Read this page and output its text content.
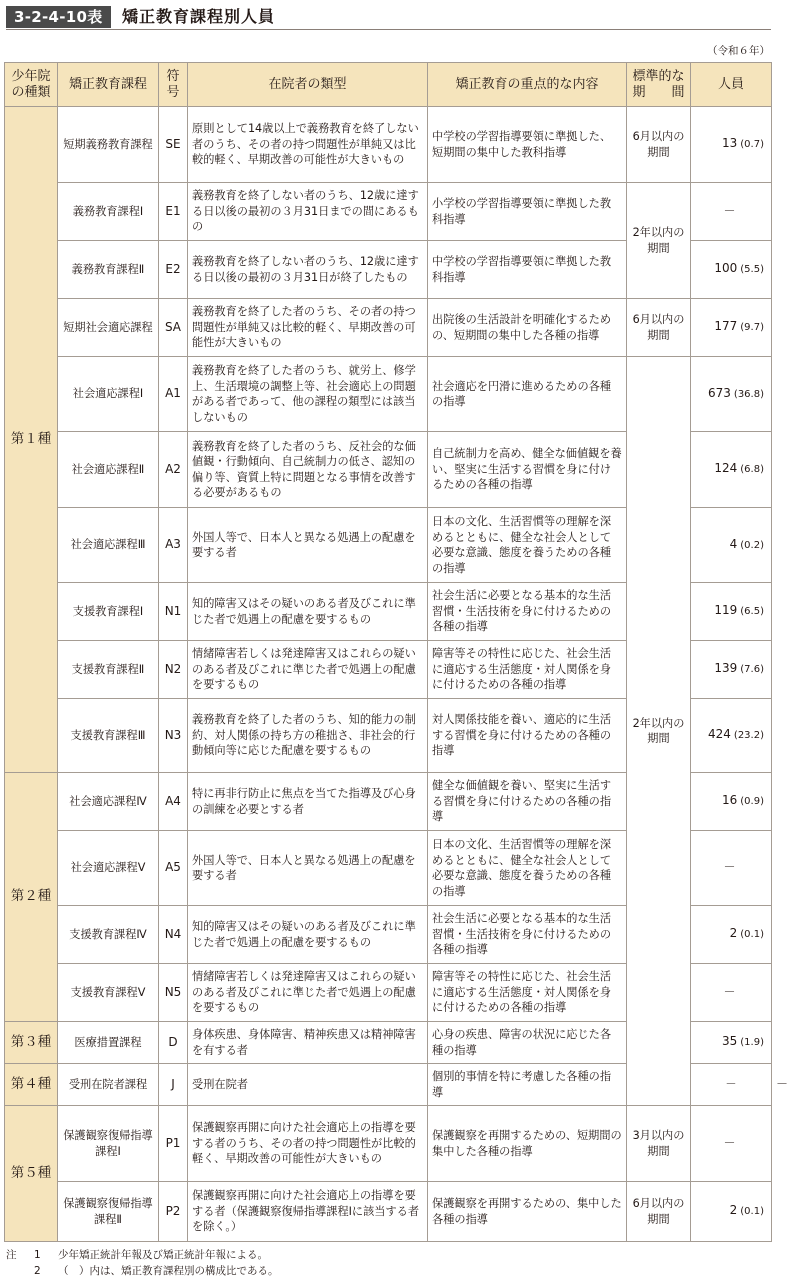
3-2-4-10表	矯正教育課程別人員
（令和６年）
少年院の種類	矯正教育課程	符号	在院者の類型	矯正教育の重点的な内容	標準的な期　　間	人員	
第１種	短期義務教育課程	SE	原則として14歳以上で義務教育を終了しない者のうち、その者の持つ問題性が単純又は比較的軽く、早期改善の可能性が大きいもの	中学校の学習指導要領に準拠した、短期間の集中した教科指導	6月以内の期間	13 (0.7)	
	義務教育課程Ⅰ	E1	義務教育を終了しない者のうち、12歳に達する日以後の最初の３月31日までの間にあるもの	小学校の学習指導要領に準拠した教科指導	2年以内の期間	－	
	義務教育課程Ⅱ	E2	義務教育を終了しない者のうち、12歳に達する日以後の最初の３月31日が終了したもの	中学校の学習指導要領に準拠した教科指導		100 (5.5)	
	短期社会適応課程	SA	義務教育を終了した者のうち、その者の持つ問題性が単純又は比較的軽く、早期改善の可能性が大きいもの	出院後の生活設計を明確化するための、短期間の集中した各種の指導	6月以内の期間	177 (9.7)	
	社会適応課程Ⅰ	A1	義務教育を終了した者のうち、就労上、修学上、生活環境の調整上等、社会適応上の問題がある者であって、他の課程の類型には該当しないもの	社会適応を円滑に進めるための各種の指導	2年以内の期間	673 (36.8)	
	社会適応課程Ⅱ	A2	義務教育を終了した者のうち、反社会的な価値観・行動傾向、自己統制力の低さ、認知の偏り等、資質上特に問題となる事情を改善する必要があるもの	自己統制力を高め、健全な価値観を養い、堅実に生活する習慣を身に付けるための各種の指導		124 (6.8)	
	社会適応課程Ⅲ	A3	外国人等で、日本人と異なる処遇上の配慮を要する者	日本の文化、生活習慣等の理解を深めるとともに、健全な社会人として必要な意識、態度を養うための各種の指導		4 (0.2)	
	支援教育課程Ⅰ	N1	知的障害又はその疑いのある者及びこれに準じた者で処遇上の配慮を要するもの	社会生活に必要となる基本的な生活習慣・生活技術を身に付けるための各種の指導		119 (6.5)	
	支援教育課程Ⅱ	N2	情緒障害若しくは発達障害又はこれらの疑いのある者及びこれに準じた者で処遇上の配慮を要するもの	障害等その特性に応じた、社会生活に適応する生活態度・対人関係を身に付けるための各種の指導		139 (7.6)	
	支援教育課程Ⅲ	N3	義務教育を終了した者のうち、知的能力の制約、対人関係の持ち方の稚拙さ、非社会的行動傾向等に応じた配慮を要するもの	対人関係技能を養い、適応的に生活する習慣を身に付けるための各種の指導		424 (23.2)	
第２種	社会適応課程Ⅳ	A4	特に再非行防止に焦点を当てた指導及び心身の訓練を必要とする者	健全な価値観を養い、堅実に生活する習慣を身に付けるための各種の指導		16 (0.9)	
	社会適応課程Ⅴ	A5	外国人等で、日本人と異なる処遇上の配慮を要する者	日本の文化、生活習慣等の理解を深めるとともに、健全な社会人として必要な意識、態度を養うための各種の指導		－	
	支援教育課程Ⅳ	N4	知的障害又はその疑いのある者及びこれに準じた者で処遇上の配慮を要するもの	社会生活に必要となる基本的な生活習慣・生活技術を身に付けるための各種の指導		2 (0.1)	
	支援教育課程Ⅴ	N5	情緒障害若しくは発達障害又はこれらの疑いのある者及びこれに準じた者で処遇上の配慮を要するもの	障害等その特性に応じた、社会生活に適応する生活態度・対人関係を身に付けるための各種の指導		－	
第３種	医療措置課程	D	身体疾患、身体障害、精神疾患又は精神障害を有する者	心身の疾患、障害の状況に応じた各種の指導		35 (1.9)	
第４種	受刑在院者課程	J	受刑在院者	個別的事情を特に考慮した各種の指導		－	－
第５種	保護観察復帰指導課程Ⅰ	P1	保護観察再開に向けた社会適応上の指導を要する者のうち、その者の持つ問題性が比較的軽く、早期改善の可能性が大きいもの	保護観察を再開するための、短期間の集中した各種の指導	3月以内の期間	－	
	保護観察復帰指導課程Ⅱ	P2	保護観察再開に向けた社会適応上の指導を要する者（保護観察復帰指導課程Ⅰに該当する者を除く。）	保護観察を再開するための、集中した各種の指導	6月以内の期間	2 (0.1)	
注	1	少年矯正統計年報及び矯正統計年報による。
2	（　）内は、矯正教育課程別の構成比である。
